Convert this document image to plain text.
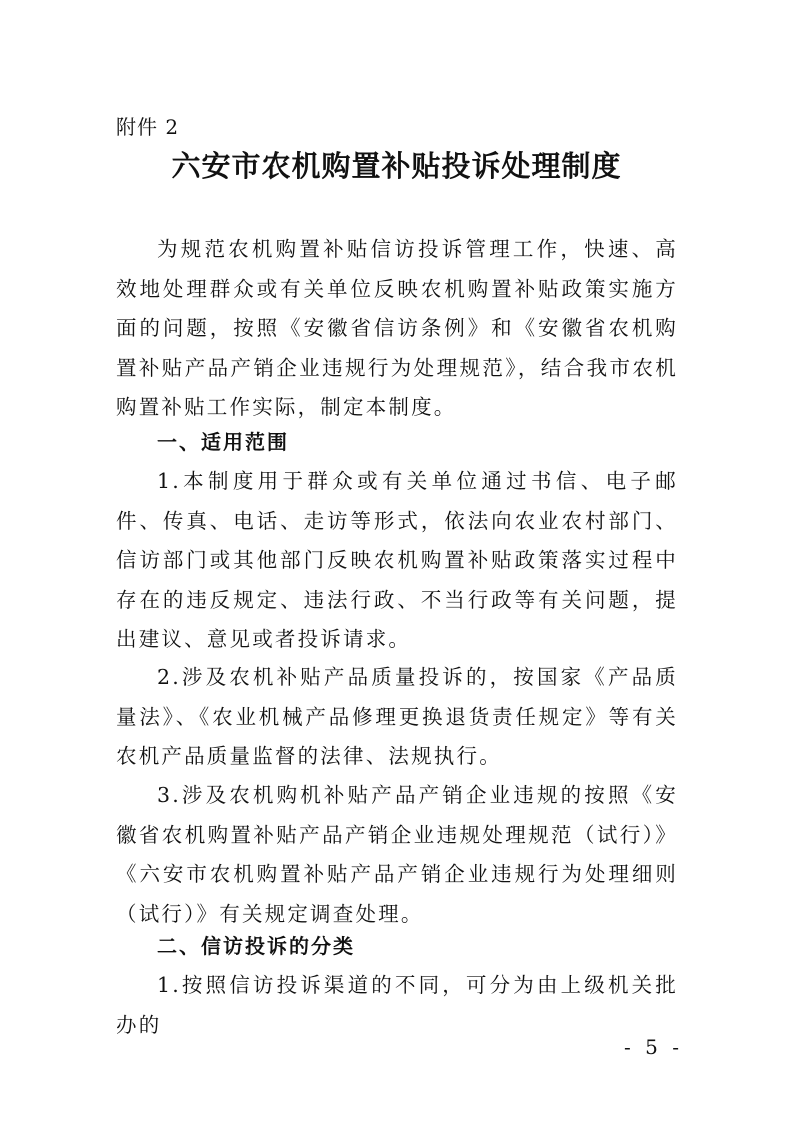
附件 2
六安市农机购置补贴投诉处理制度
为规范农机购置补贴信访投诉管理工作，快速、高效地处理群众或有关单位反映农机购置补贴政策实施方面的问题，按照《安徽省信访条例》和《安徽省农机购置补贴产品产销企业违规行为处理规范》，结合我市农机购置补贴工作实际，制定本制度。
一、适用范围
1.本制度用于群众或有关单位通过书信、电子邮件、传真、电话、走访等形式，依法向农业农村部门、信访部门或其他部门反映农机购置补贴政策落实过程中存在的违反规定、违法行政、不当行政等有关问题，提出建议、意见或者投诉请求。
2.涉及农机补贴产品质量投诉的，按国家《产品质量法》、《农业机械产品修理更换退货责任规定》等有关农机产品质量监督的法律、法规执行。
3.涉及农机购机补贴产品产销企业违规的按照《安徽省农机购置补贴产品产销企业违规处理规范（试行）》《六安市农机购置补贴产品产销企业违规行为处理细则（试行）》有关规定调查处理。
二、信访投诉的分类
1.按照信访投诉渠道的不同，可分为由上级机关批办的
- 5 -
